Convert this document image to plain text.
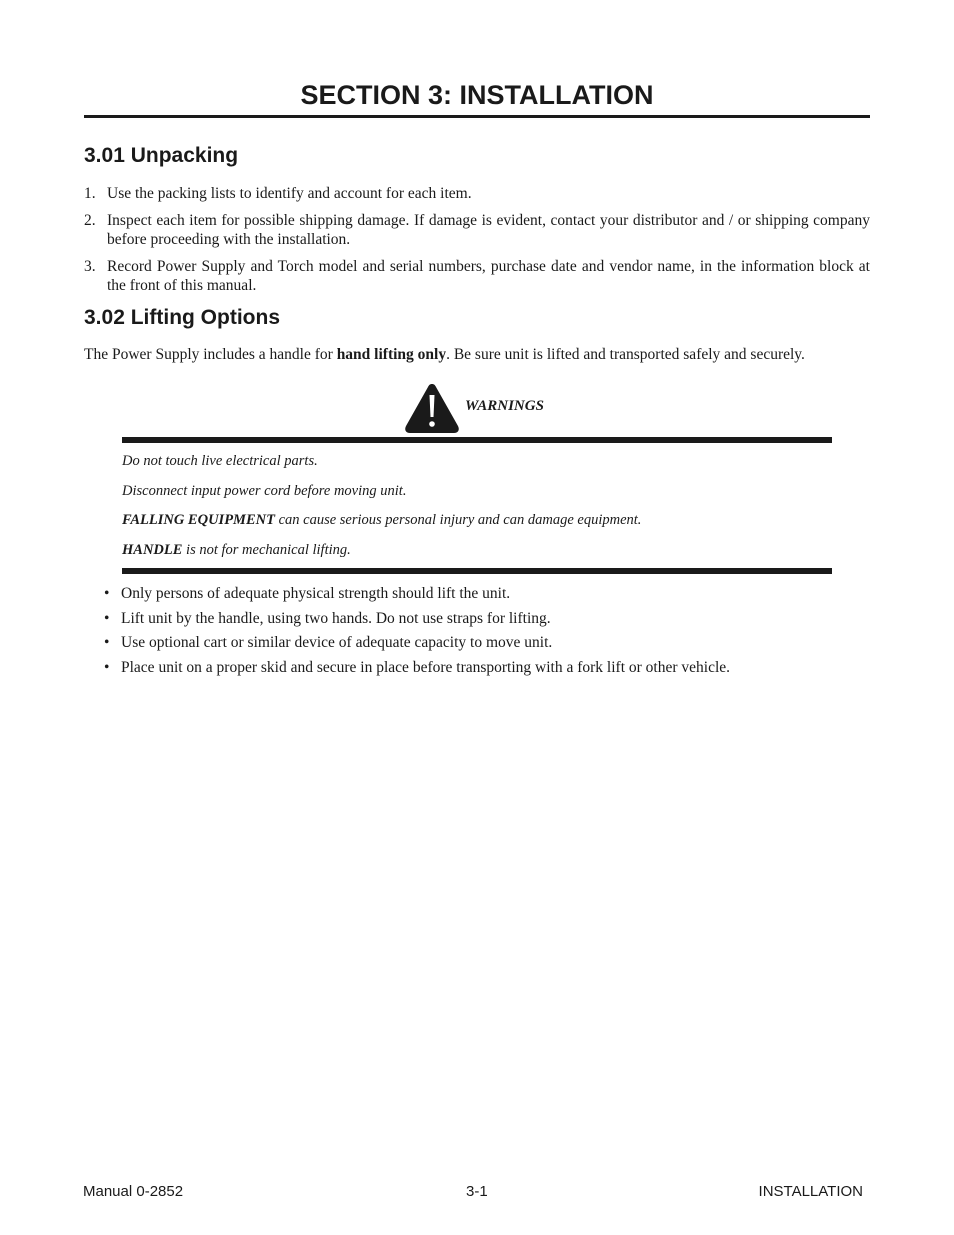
SECTION 3: INSTALLATION
3.01 Unpacking
1. Use the packing lists to identify and account for each item.
2. Inspect each item for possible shipping damage. If damage is evident, contact your distributor and / or shipping company before proceeding with the installation.
3. Record Power Supply and Torch model and serial numbers, purchase date and vendor name, in the information block at the front of this manual.
3.02 Lifting Options

The Power Supply includes a handle for hand lifting only. Be sure unit is lifted and transported safely and securely.

WARNINGS

Do not touch live electrical parts.

Disconnect input power cord before moving unit.

FALLING EQUIPMENT can cause serious personal injury and can damage equipment.

HANDLE is not for mechanical lifting.

• Only persons of adequate physical strength should lift the unit.
• Lift unit by the handle, using two hands. Do not use straps for lifting.
• Use optional cart or similar device of adequate capacity to move unit.
• Place unit on a proper skid and secure in place before transporting with a fork lift or other vehicle.
Manual 0-2852	3-1	INSTALLATION
